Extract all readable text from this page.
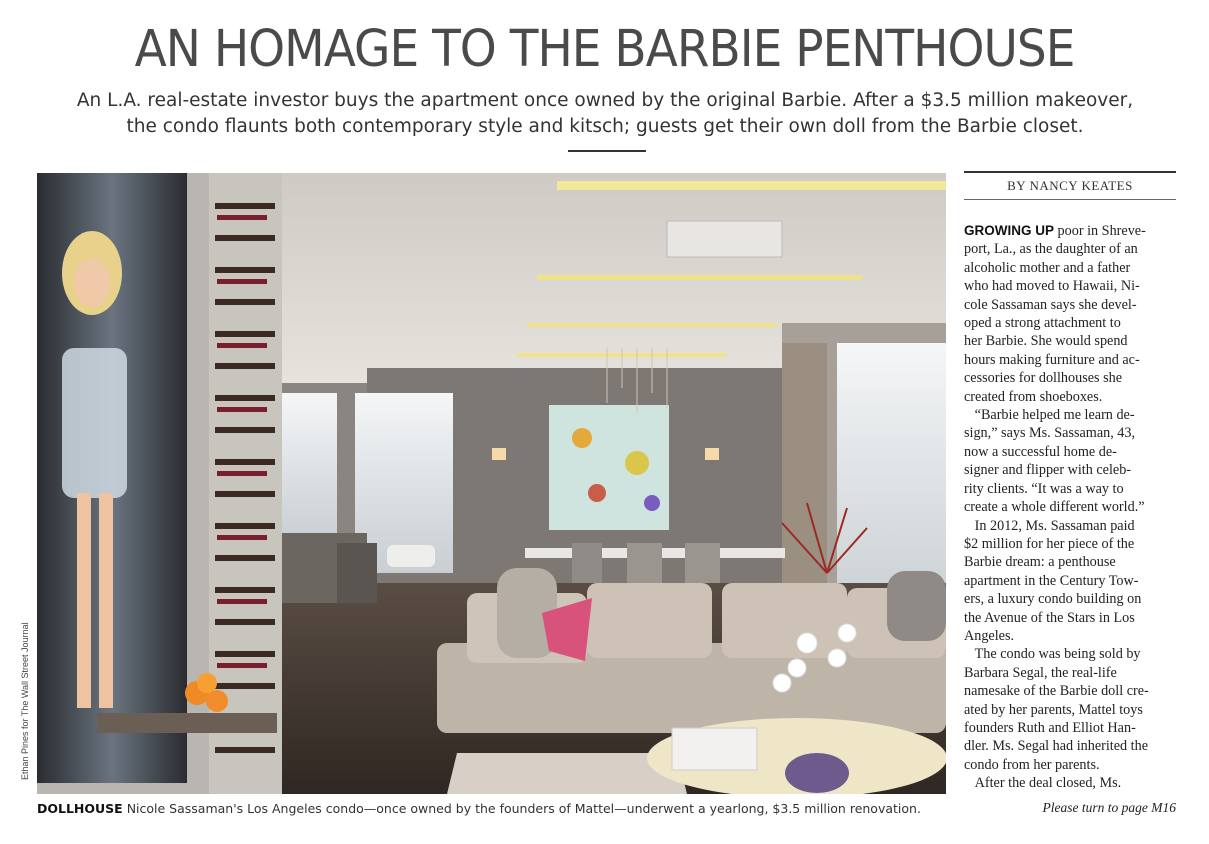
AN HOMAGE TO THE BARBIE PENTHOUSE
An L.A. real-estate investor buys the apartment once owned by the original Barbie. After a $3.5 million makeover,
the condo flaunts both contemporary style and kitsch; guests get their own doll from the Barbie closet.
Ethan Pines for The Wall Street Journal
DOLLHOUSE Nicole Sassaman's Los Angeles condo—once owned by the founders of Mattel—underwent a yearlong, $3.5 million renovation.
BY NANCY KEATES
GROWING UP poor in Shreve-
port, La., as the daughter of an
alcoholic mother and a father
who had moved to Hawaii, Ni-
cole Sassaman says she devel-
oped a strong attachment to
her Barbie. She would spend
hours making furniture and ac-
cessories for dollhouses she
created from shoeboxes.
“Barbie helped me learn de-
sign,” says Ms. Sassaman, 43,
now a successful home de-
signer and flipper with celeb-
rity clients. “It was a way to
create a whole different world.”
In 2012, Ms. Sassaman paid
$2 million for her piece of the
Barbie dream: a penthouse
apartment in the Century Tow-
ers, a luxury condo building on
the Avenue of the Stars in Los
Angeles.
The condo was being sold by
Barbara Segal, the real-life
namesake of the Barbie doll cre-
ated by her parents, Mattel toys
founders Ruth and Elliot Han-
dler. Ms. Segal had inherited the
condo from her parents.
After the deal closed, Ms.
Please turn to page M16
